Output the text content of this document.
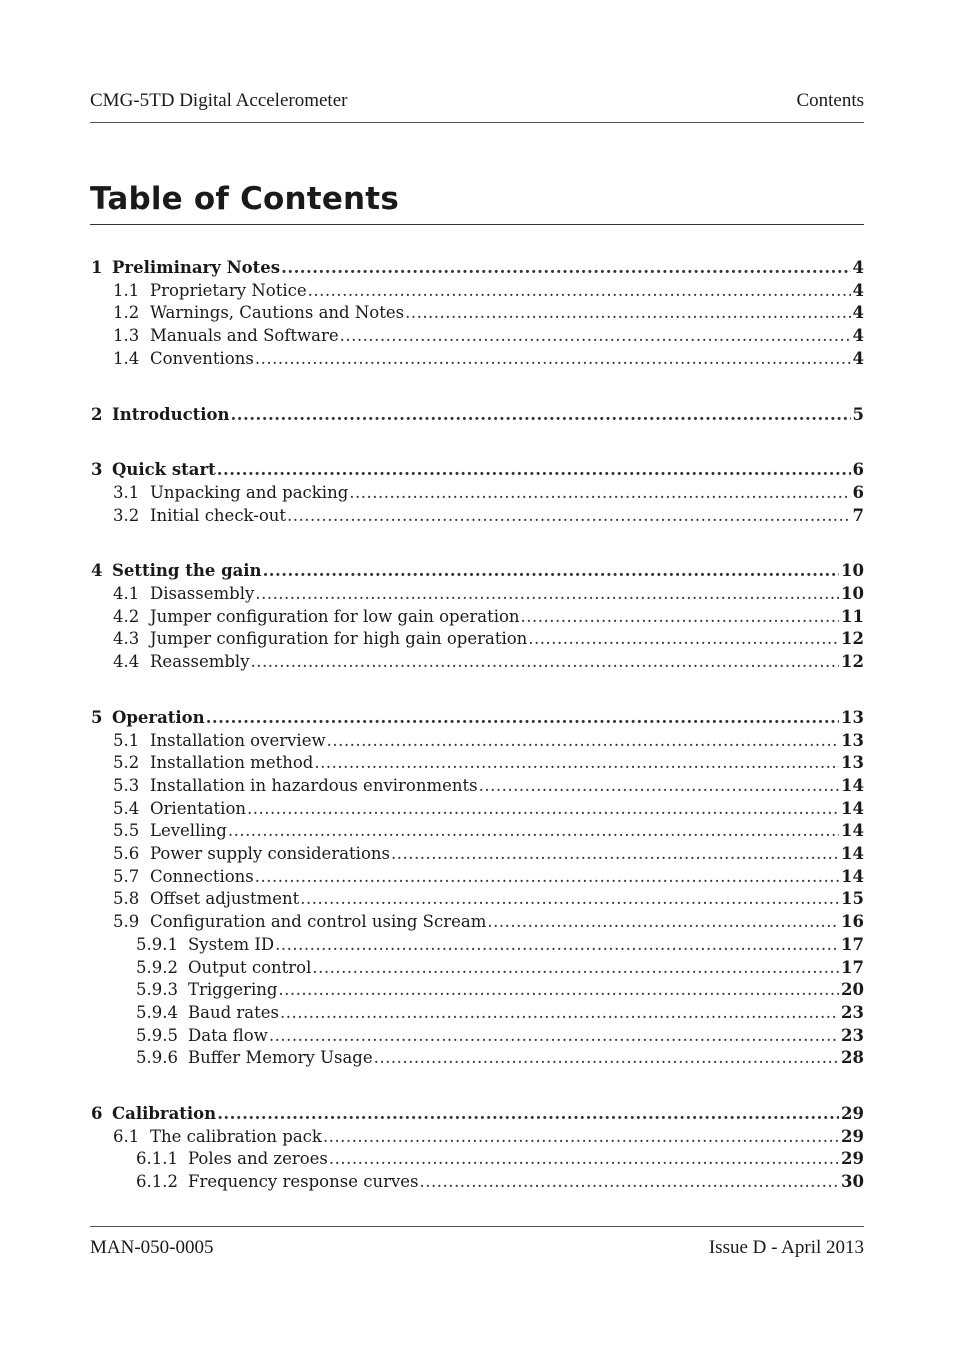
CMG-5TD Digital Accelerometer	Contents
Table of Contents
1 Preliminary Notes .....	4
1.1 Proprietary Notice .....	4
1.2 Warnings, Cautions and Notes .....	4
1.3 Manuals and Software .....	4
1.4 Conventions .....	4
2 Introduction .....	5
3 Quick start .....	6
3.1 Unpacking and packing .....	6
3.2 Initial check-out .....	7
4 Setting the gain .....	10
4.1 Disassembly .....	10
4.2 Jumper configuration for low gain operation .....	11
4.3 Jumper configuration for high gain operation .....	12
4.4 Reassembly .....	12
5 Operation .....	13
5.1 Installation overview .....	13
5.2 Installation method .....	13
5.3 Installation in hazardous environments .....	14
5.4 Orientation .....	14
5.5 Levelling .....	14
5.6 Power supply considerations .....	14
5.7 Connections .....	14
5.8 Offset adjustment .....	15
5.9 Configuration and control using Scream .....	16
5.9.1 System ID .....	17
5.9.2 Output control .....	17
5.9.3 Triggering .....	20
5.9.4 Baud rates .....	23
5.9.5 Data flow .....	23
5.9.6 Buffer Memory Usage .....	28
6 Calibration .....	29
6.1 The calibration pack .....	29
6.1.1 Poles and zeroes .....	29
6.1.2 Frequency response curves .....	30
MAN-050-0005	Issue D - April 2013
